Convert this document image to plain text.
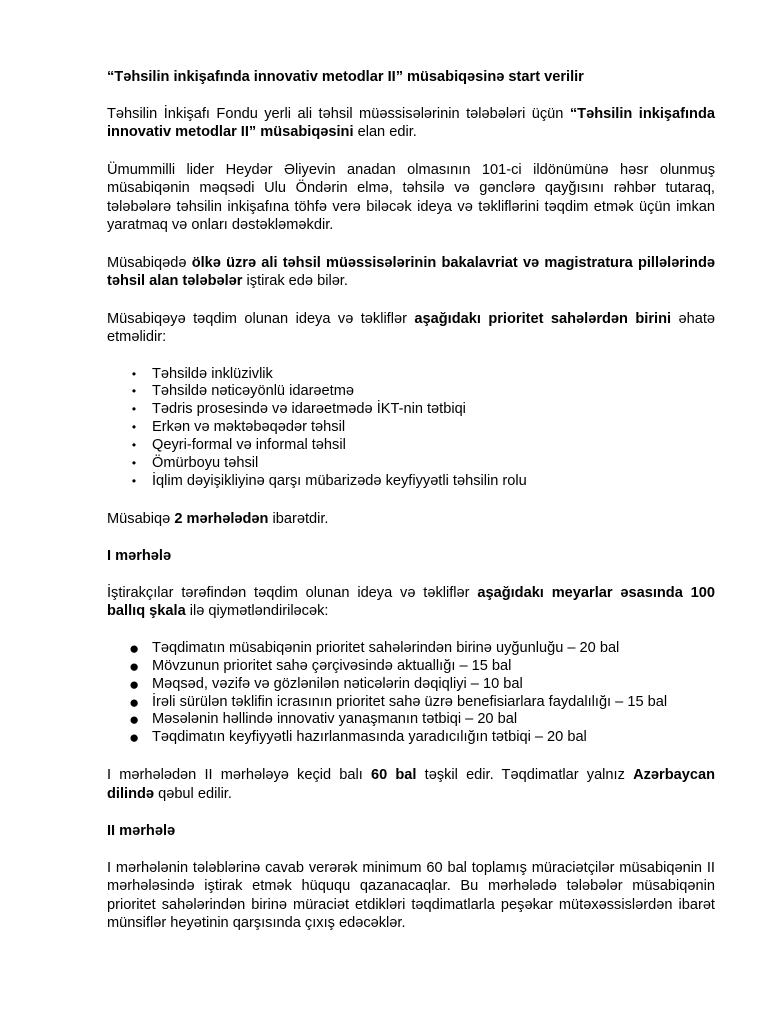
“Təhsilin inkişafında innovativ metodlar II” müsabiqəsinə start verilir

Təhsilin İnkişafı Fondu yerli ali təhsil müəssisələrinin tələbələri üçün “Təhsilin inkişafında innovativ metodlar II” müsabiqəsini elan edir.

Ümummilli lider Heydər Əliyevin anadan olmasının 101-ci ildönümünə həsr olunmuş müsabiqənin məqsədi Ulu Öndərin elmə, təhsilə və gənclərə qayğısını rəhbər tutaraq, tələbələrə təhsilin inkişafına töhfə verə biləcək ideya və təkliflərini təqdim etmək üçün imkan yaratmaq və onları dəstəkləməkdir.

Müsabiqədə ölkə üzrə ali təhsil müəssisələrinin bakalavriat və magistratura pillələrində təhsil alan tələbələr iştirak edə bilər.

Müsabiqəyə təqdim olunan ideya və təkliflər aşağıdakı prioritet sahələrdən birini əhatə etməlidir:

• Təhsildə inklüzivlik
• Təhsildə nəticəyönlü idarəetmə
• Tədris prosesində və idarəetmədə İKT-nin tətbiqi
• Erkən və məktəbəqədər təhsil
• Qeyri-formal və informal təhsil
• Ömürboyu təhsil
• İqlim dəyişikliyinə qarşı mübarizədə keyfiyyətli təhsilin rolu

Müsabiqə 2 mərhələdən ibarətdir.

I mərhələ

İştirakçılar tərəfindən təqdim olunan ideya və təkliflər aşağıdakı meyarlar əsasında 100 ballıq şkala ilə qiymətləndiriləcək:

● Təqdimatın müsabiqənin prioritet sahələrindən birinə uyğunluğu – 20 bal
● Mövzunun prioritet sahə çərçivəsində aktuallığı – 15 bal
● Məqsəd, vəzifə və gözlənilən nəticələrin dəqiqliyi – 10 bal
● İrəli sürülən təklifin icrasının prioritet sahə üzrə benefisiarlara faydalılığı – 15 bal
● Məsələnin həllində innovativ yanaşmanın tətbiqi – 20 bal
● Təqdimatın keyfiyyətli hazırlanmasında yaradıcılığın tətbiqi – 20 bal

I mərhələdən II mərhələyə keçid balı 60 bal təşkil edir. Təqdimatlar yalnız Azərbaycan dilində qəbul edilir.

II mərhələ

I mərhələnin tələblərinə cavab verərək minimum 60 bal toplamış müraciətçilər müsabiqənin II mərhələsində iştirak etmək hüququ qazanacaqlar. Bu mərhələdə tələbələr müsabiqənin prioritet sahələrindən birinə müraciət etdikləri təqdimatlarla peşəkar mütəxəssislərdən ibarət münsiflər heyətinin qarşısında çıxış edəcəklər.
